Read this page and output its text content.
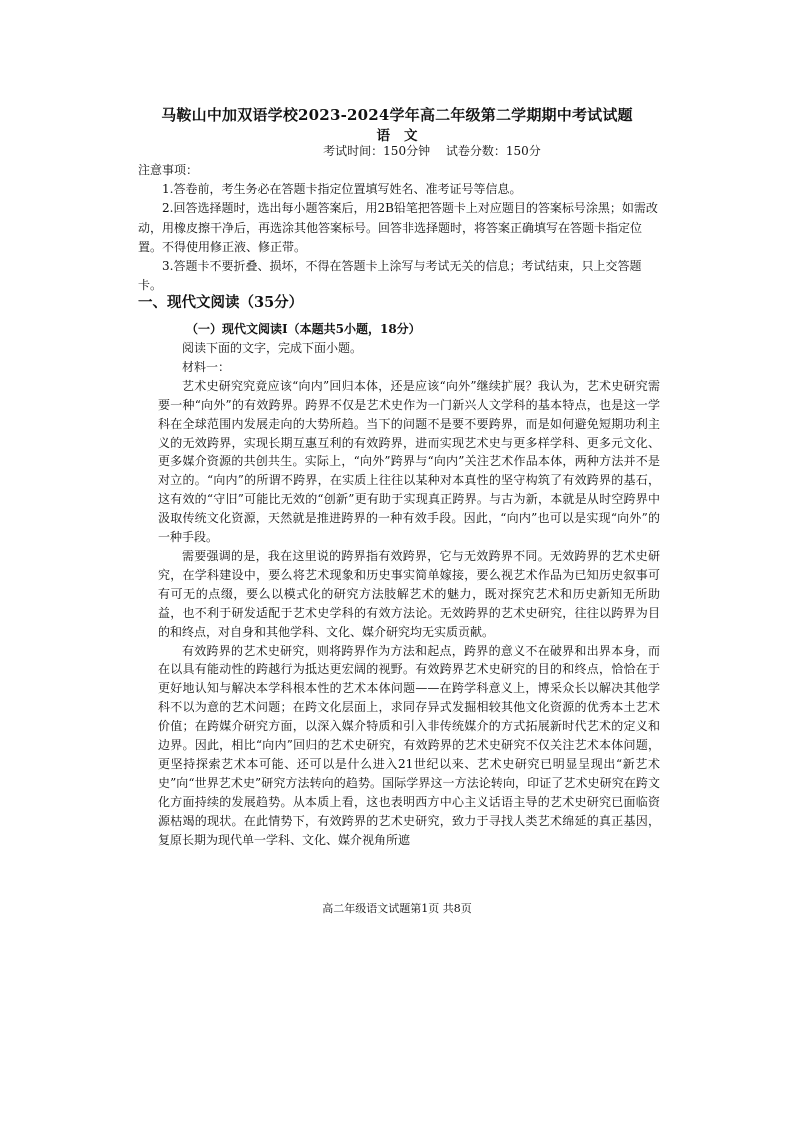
马鞍山中加双语学校2023-2024学年高二年级第二学期期中考试试题
语文
考试时间：150分钟 试卷分数：150分

注意事项：

1.答卷前，考生务必在答题卡指定位置填写姓名、准考证号等信息。

2.回答选择题时，选出每小题答案后，用2B铅笔把答题卡上对应题目的答案标号涂黑；如需改动，用橡皮擦干净后，再选涂其他答案标号。回答非选择题时，将答案正确填写在答题卡指定位置。不得使用修正液、修正带。

3.答题卡不要折叠、损坏，不得在答题卡上涂写与考试无关的信息；考试结束，只上交答题卡。

一、现代文阅读（35分）
（一）现代文阅读Ⅰ（本题共5小题，18分）

阅读下面的文字，完成下面小题。

材料一：

艺术史研究究竟应该“向内”回归本体，还是应该“向外”继续扩展？我认为，艺术史研究需要一种“向外”的有效跨界。跨界不仅是艺术史作为一门新兴人文学科的基本特点，也是这一学科在全球范围内发展走向的大势所趋。当下的问题不是要不要跨界，而是如何避免短期功利主义的无效跨界，实现长期互惠互利的有效跨界，进而实现艺术史与更多样学科、更多元文化、更多媒介资源的共创共生。实际上，“向外”跨界与“向内”关注艺术作品本体，两种方法并不是对立的。“向内”的所谓不跨界，在实质上往往以某种对本真性的坚守构筑了有效跨界的基石，这有效的“守旧”可能比无效的“创新”更有助于实现真正跨界。与古为新，本就是从时空跨界中汲取传统文化资源，天然就是推进跨界的一种有效手段。因此，“向内”也可以是实现“向外”的一种手段。

需要强调的是，我在这里说的跨界指有效跨界，它与无效跨界不同。无效跨界的艺术史研究，在学科建设中，要么将艺术现象和历史事实简单嫁接，要么视艺术作品为已知历史叙事可有可无的点缀，要么以模式化的研究方法肢解艺术的魅力，既对探究艺术和历史新知无所助益，也不利于研发适配于艺术史学科的有效方法论。无效跨界的艺术史研究，往往以跨界为目的和终点，对自身和其他学科、文化、媒介研究均无实质贡献。

有效跨界的艺术史研究，则将跨界作为方法和起点，跨界的意义不在破界和出界本身，而在以具有能动性的跨越行为抵达更宏阔的视野。有效跨界艺术史研究的目的和终点，恰恰在于更好地认知与解决本学科根本性的艺术本体问题——在跨学科意义上，博采众长以解决其他学科不以为意的艺术问题；在跨文化层面上，求同存异式发掘相较其他文化资源的优秀本土艺术价值；在跨媒介研究方面，以深入媒介特质和引入非传统媒介的方式拓展新时代艺术的定义和边界。因此，相比“向内”回归的艺术史研究，有效跨界的艺术史研究不仅关注艺术本体问题，更坚持探索艺术本可能、还可以是什么进入21世纪以来、艺术史研究已明显呈现出“新艺术史”向“世界艺术史”研究方法转向的趋势。国际学界这一方法论转向，印证了艺术史研究在跨文化方面持续的发展趋势。从本质上看，这也表明西方中心主义话语主导的艺术史研究已面临资源枯竭的现状。在此情势下，有效跨界的艺术史研究，致力于寻找人类艺术绵延的真正基因，复原长期为现代单一学科、文化、媒介视角所遮

高二年级语文试题第1页 共8页
